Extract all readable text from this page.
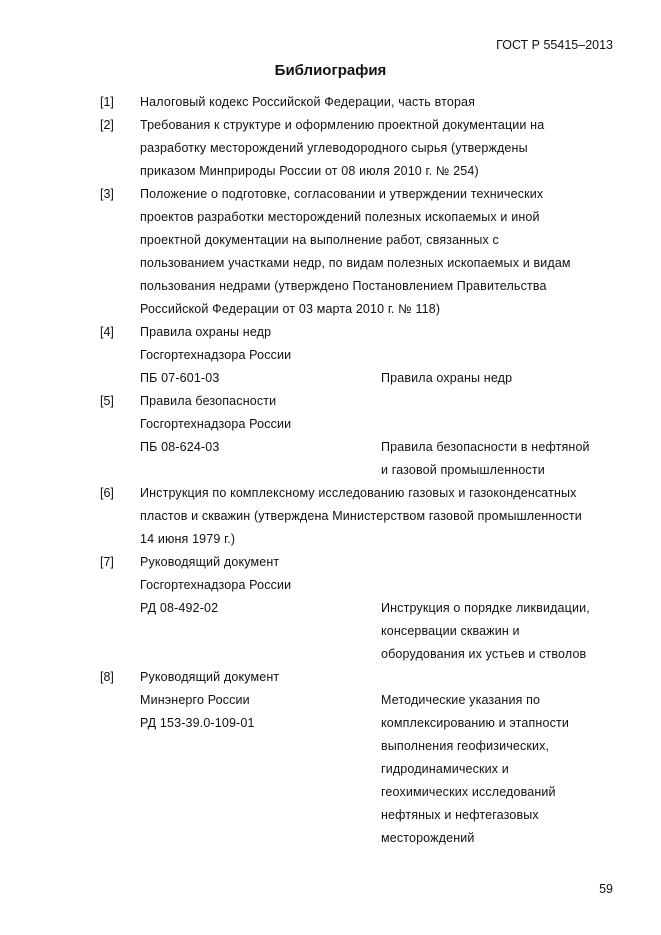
ГОСТ Р 55415–2013
Библиография
[1] Налоговый кодекс Российской Федерации, часть вторая
[2] Требования к структуре и оформлению проектной документации на
разработку месторождений углеводородного сырья (утверждены
приказом Минприроды России от 08 июля 2010 г. № 254)
[3] Положение о подготовке, согласовании и утверждении технических
проектов разработки месторождений полезных ископаемых и иной
проектной документации на выполнение работ, связанных с
пользованием участками недр, по видам полезных ископаемых и видам
пользования недрами (утверждено Постановлением Правительства
Российской Федерации от 03 марта 2010 г. № 118)
[4] Правила охраны недр
Госгортехнадзора России
ПБ 07-601-03	Правила охраны недр
[5] Правила безопасности
Госгортехнадзора России
ПБ 08-624-03	Правила безопасности в нефтяной
и газовой промышленности
[6] Инструкция по комплексному исследованию газовых и газоконденсатных
пластов и скважин (утверждена Министерством газовой промышленности
14 июня 1979 г.)
[7] Руководящий документ
Госгортехнадзора России
РД 08-492-02	Инструкция о порядке ликвидации,
консервации скважин и
оборудования их устьев и стволов
[8] Руководящий документ
Минэнерго России	Методические указания по
РД 153-39.0-109-01	комплексированию и этапности
выполнения геофизических,
гидродинамических и
геохимических исследований
нефтяных и нефтегазовых
месторождений
59
